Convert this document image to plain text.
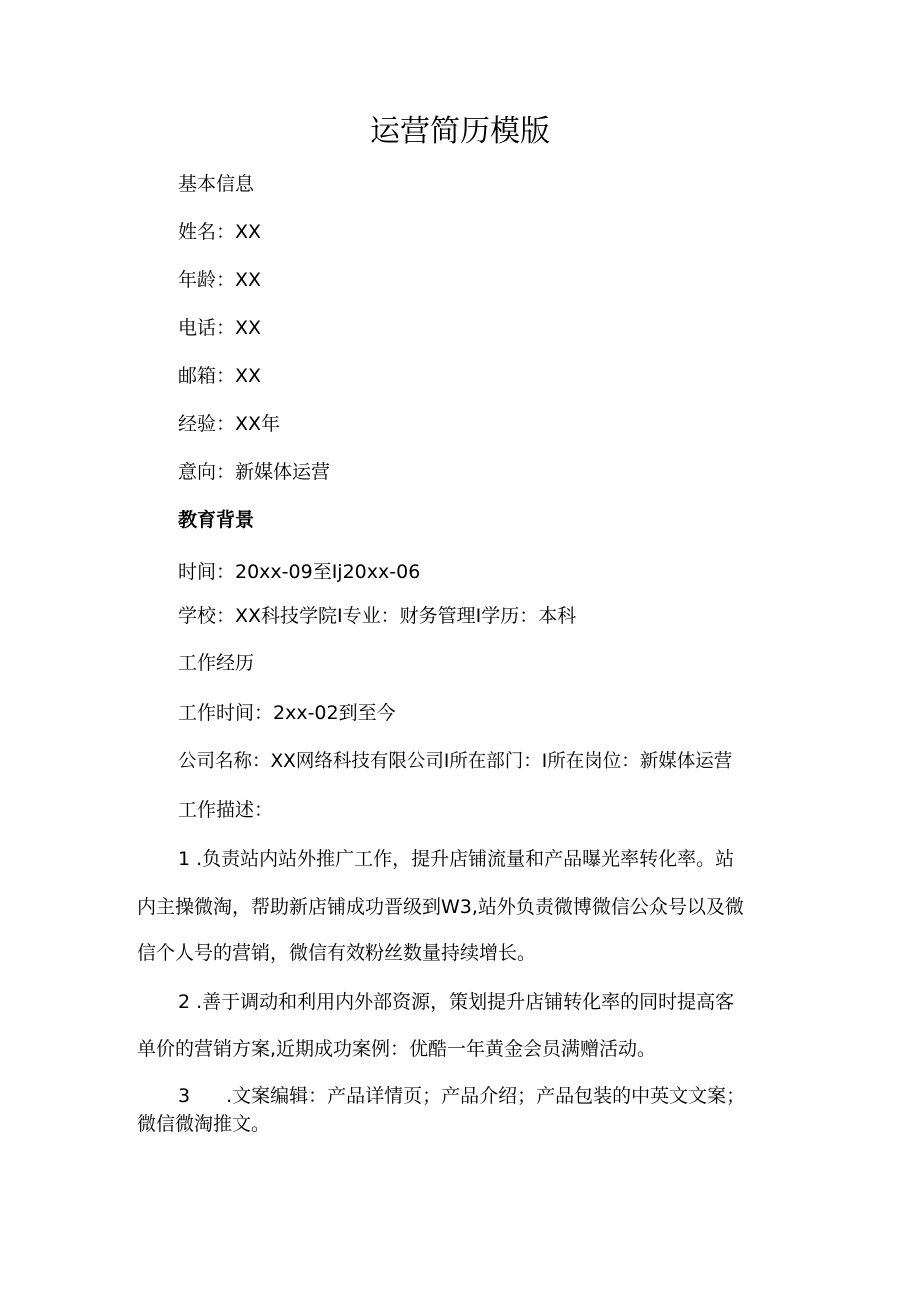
运营简历模版
基本信息
姓名：XX
年龄：XX
电话：XX
邮箱：XX
经验：XX年
意向：新媒体运营
教育背景
时间：20xx-09至Ij20xx-06
学校：XX科技学院I专业：财务管理I学历：本科
工作经历
工作时间：2xx-02到至今
公司名称：XX网络科技有限公司I所在部门：I所在岗位：新媒体运营
工作描述：
1 .负责站内站外推广工作，提升店铺流量和产品曝光率转化率。站
内主操微淘，帮助新店铺成功晋级到W3,站外负责微博微信公众号以及微
信个人号的营销，微信有效粉丝数量持续增长。
2 .善于调动和利用内外部资源，策划提升店铺转化率的同时提高客
单价的营销方案,近期成功案例：优酷一年黄金会员满赠活动。
3 .文案编辑：产品详情页；产品介绍；产品包装的中英文文案；
微信微淘推文。
